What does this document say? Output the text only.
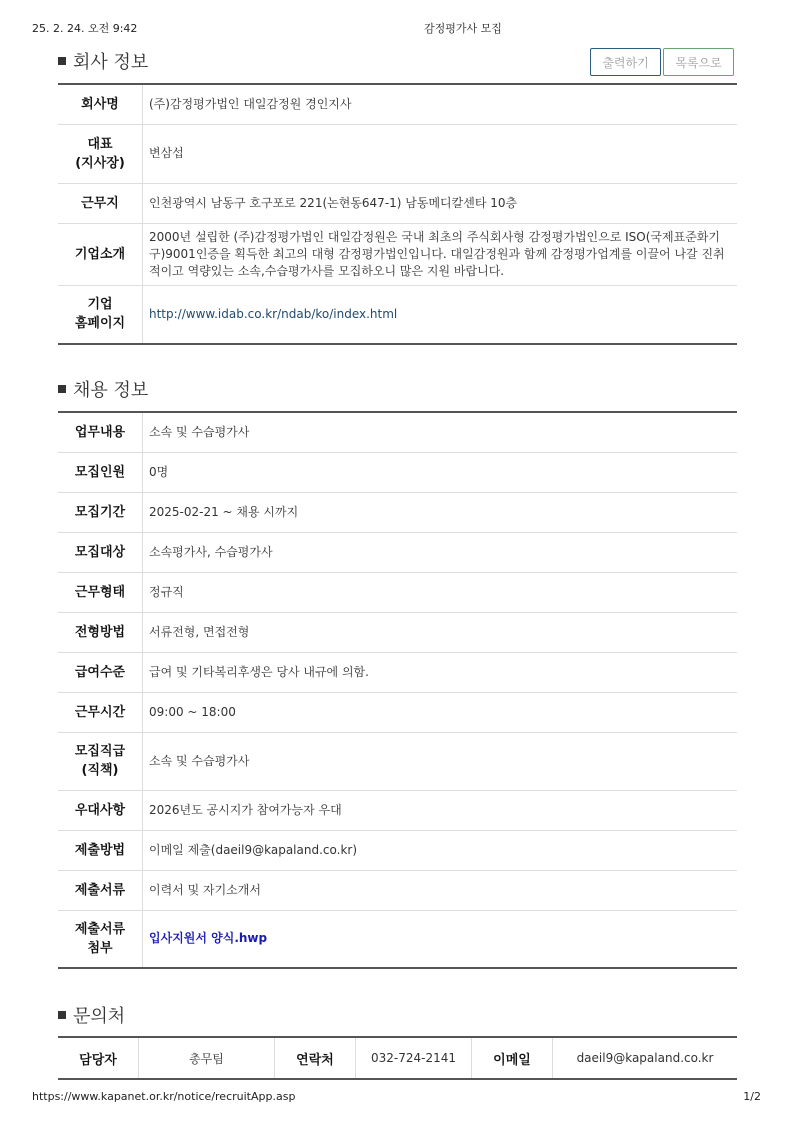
25. 2. 24. 오전 9:42	감정평가사 모집
회사 정보	출력하기	목록으로
회사명	(주)감정평가법인 대일감정원 경인지사
대표
(지사장)	변삼섭
근무지	인천광역시 남동구 호구포로 221(논현동647-1) 남동메디칼센타 10층
기업소개	2000년 설립한 (주)감정평가법인 대일감정원은 국내 최초의 주식회사형 감정평가법인으로 ISO(국제표준화기구)9001인증을 획득한 최고의 대형 감정평가법인입니다. 대일감정원과 함께 감정평가업계를 이끌어 나갈 진취적이고 역량있는 소속,수습평가사를 모집하오니 많은 지원 바랍니다.
기업
홈페이지	http://www.idab.co.kr/ndab/ko/index.html
채용 정보
업무내용	소속 및 수습평가사
모집인원	0명
모집기간	2025-02-21 ~ 채용 시까지
모집대상	소속평가사, 수습평가사
근무형태	정규직
전형방법	서류전형, 면접전형
급여수준	급여 및 기타복리후생은 당사 내규에 의함.
근무시간	09:00 ~ 18:00
모집직급
(직책)	소속 및 수습평가사
우대사항	2026년도 공시지가 참여가능자 우대
제출방법	이메일 제출(daeil9@kapaland.co.kr)
제출서류	이력서 및 자기소개서
제출서류
첨부	입사지원서 양식.hwp
문의처
담당자	총무팀	연락처	032-724-2141	이메일	daeil9@kapaland.co.kr
https://www.kapanet.or.kr/notice/recruitApp.asp	1/2
